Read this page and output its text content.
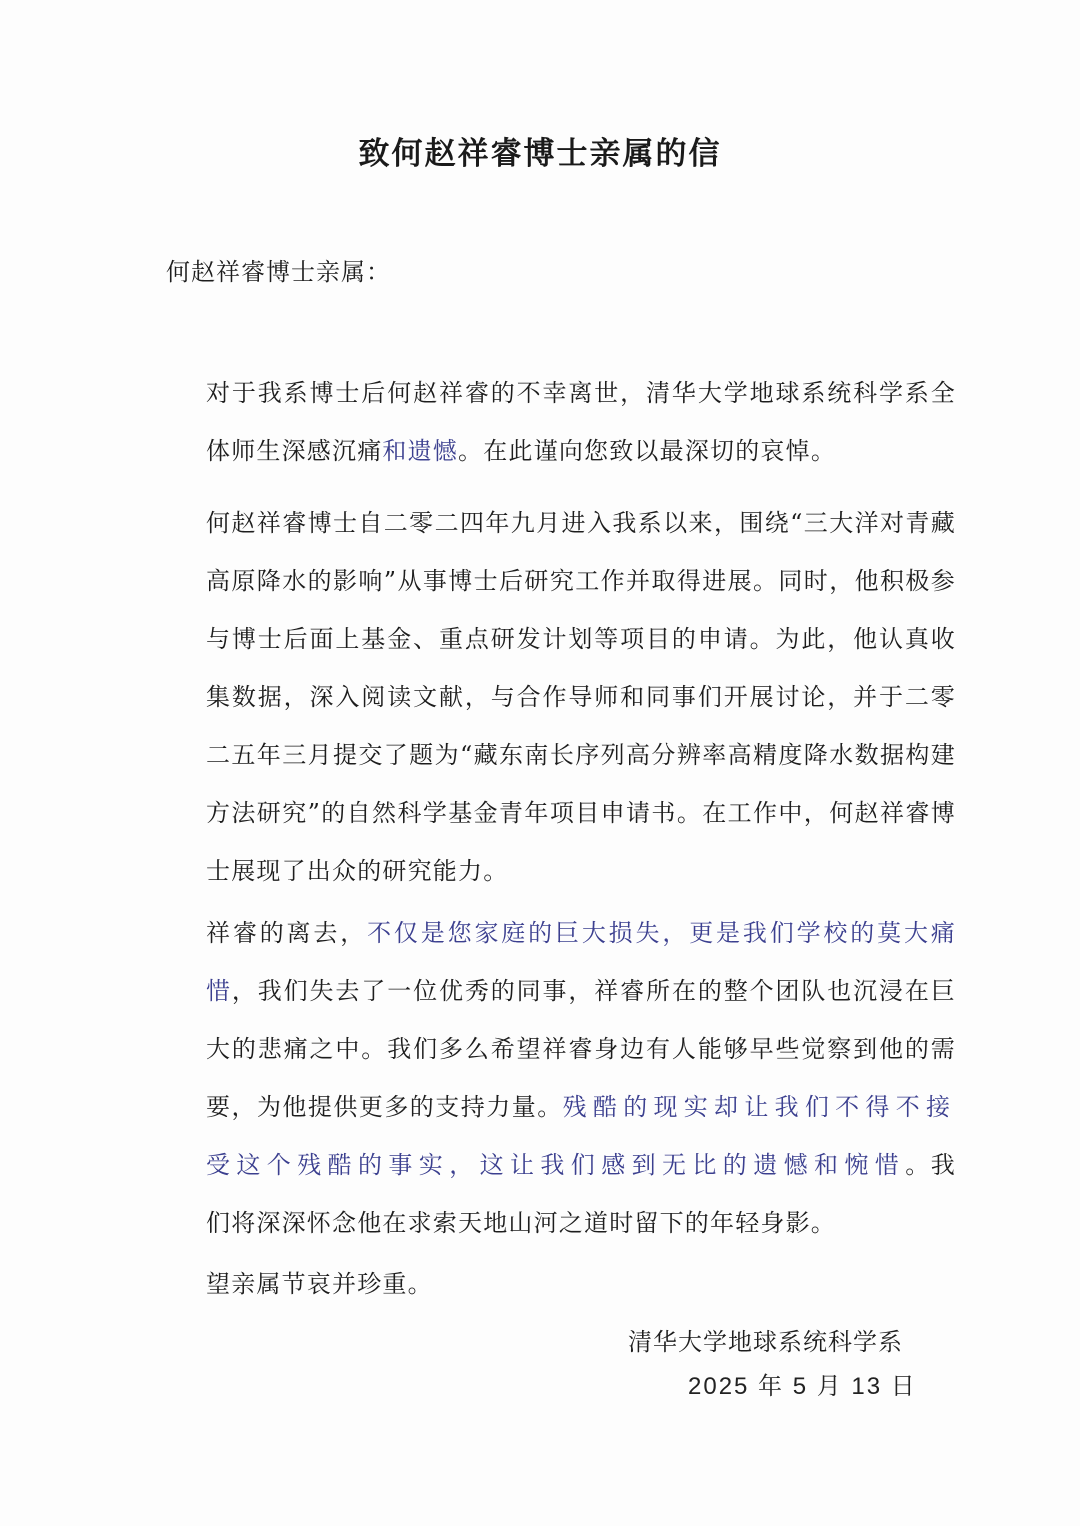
致何赵祥睿博士亲属的信
何赵祥睿博士亲属：

对于我系博士后何赵祥睿的不幸离世，清华大学地球系统科学系全体师生深感沉痛和遗憾。在此谨向您致以最深切的哀悼。

何赵祥睿博士自二零二四年九月进入我系以来，围绕“三大洋对青藏高原降水的影响”从事博士后研究工作并取得进展。同时，他积极参与博士后面上基金、重点研发计划等项目的申请。为此，他认真收集数据，深入阅读文献，与合作导师和同事们开展讨论，并于二零二五年三月提交了题为“藏东南长序列高分辨率高精度降水数据构建方法研究”的自然科学基金青年项目申请书。在工作中，何赵祥睿博士展现了出众的研究能力。

祥睿的离去，不仅是您家庭的巨大损失，更是我们学校的莫大痛惜，我们失去了一位优秀的同事，祥睿所在的整个团队也沉浸在巨大的悲痛之中。我们多么希望祥睿身边有人能够早些觉察到他的需要，为他提供更多的支持力量。残酷的现实却让我们不得不接受这个残酷的事实，这让我们感到无比的遗憾和惋惜。我们将深深怀念他在求索天地山河之道时留下的年轻身影。

望亲属节哀并珍重。

清华大学地球系统科学系
2025 年 5 月 13 日
